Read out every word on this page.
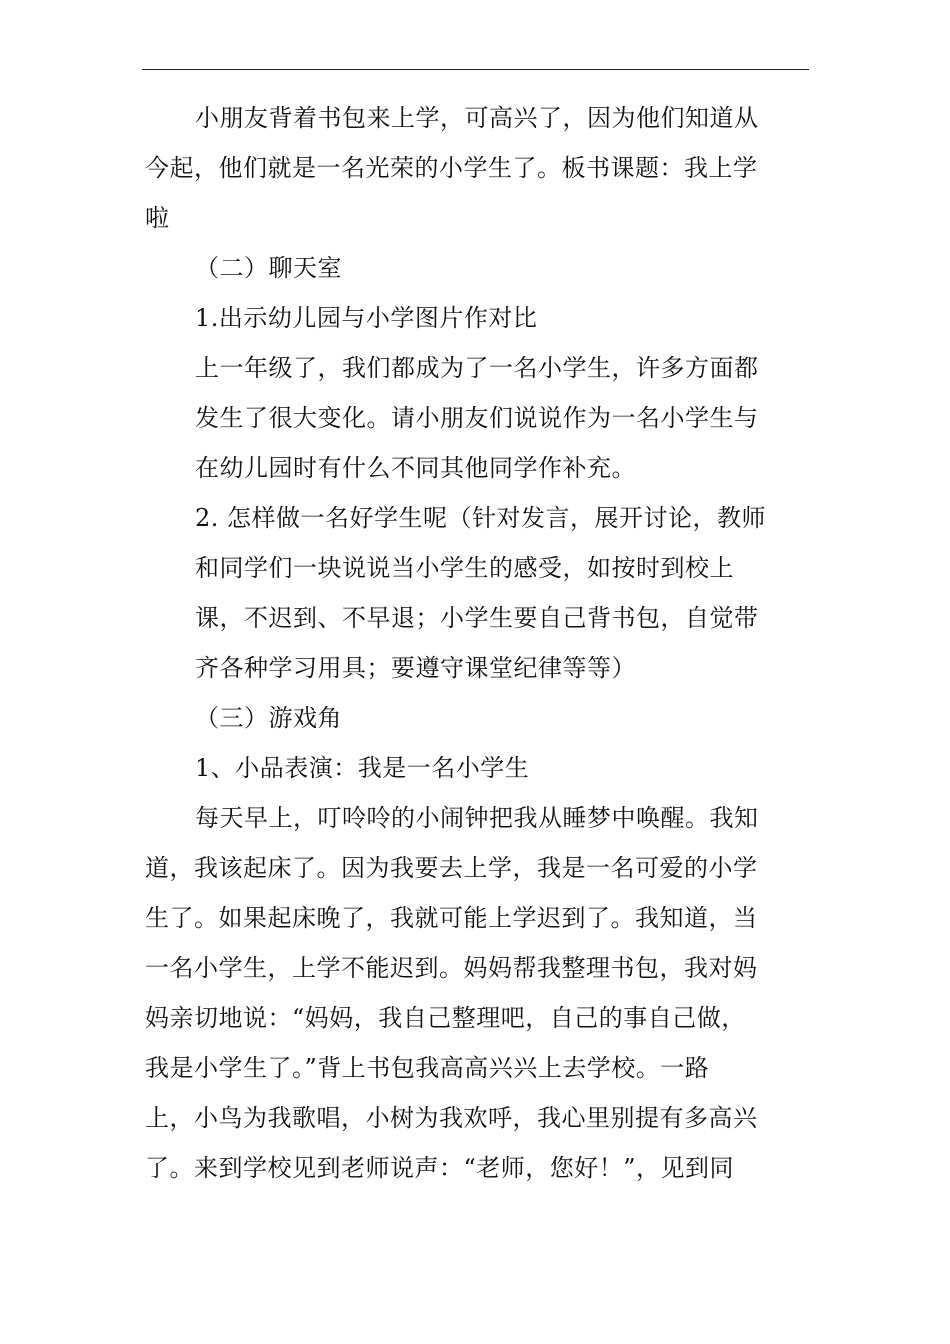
小朋友背着书包来上学，可高兴了，因为他们知道从
今起，他们就是一名光荣的小学生了。板书课题：我上学
啦
（二）聊天室
1.出示幼儿园与小学图片作对比
上一年级了，我们都成为了一名小学生，许多方面都
发生了很大变化。请小朋友们说说作为一名小学生与
在幼儿园时有什么不同其他同学作补充。
2. 怎样做一名好学生呢（针对发言，展开讨论，教师
和同学们一块说说当小学生的感受，如按时到校上
课，不迟到、不早退；小学生要自己背书包，自觉带
齐各种学习用具；要遵守课堂纪律等等）
（三）游戏角
1、小品表演：我是一名小学生
每天早上，叮呤呤的小闹钟把我从睡梦中唤醒。我知
道，我该起床了。因为我要去上学，我是一名可爱的小学
生了。如果起床晚了，我就可能上学迟到了。我知道，当
一名小学生，上学不能迟到。妈妈帮我整理书包，我对妈
妈亲切地说：“妈妈，我自己整理吧，自己的事自己做，
我是小学生了。”背上书包我高高兴兴上去学校。一路
上，小鸟为我歌唱，小树为我欢呼，我心里别提有多高兴
了。来到学校见到老师说声：“老师，您好！”，见到同
